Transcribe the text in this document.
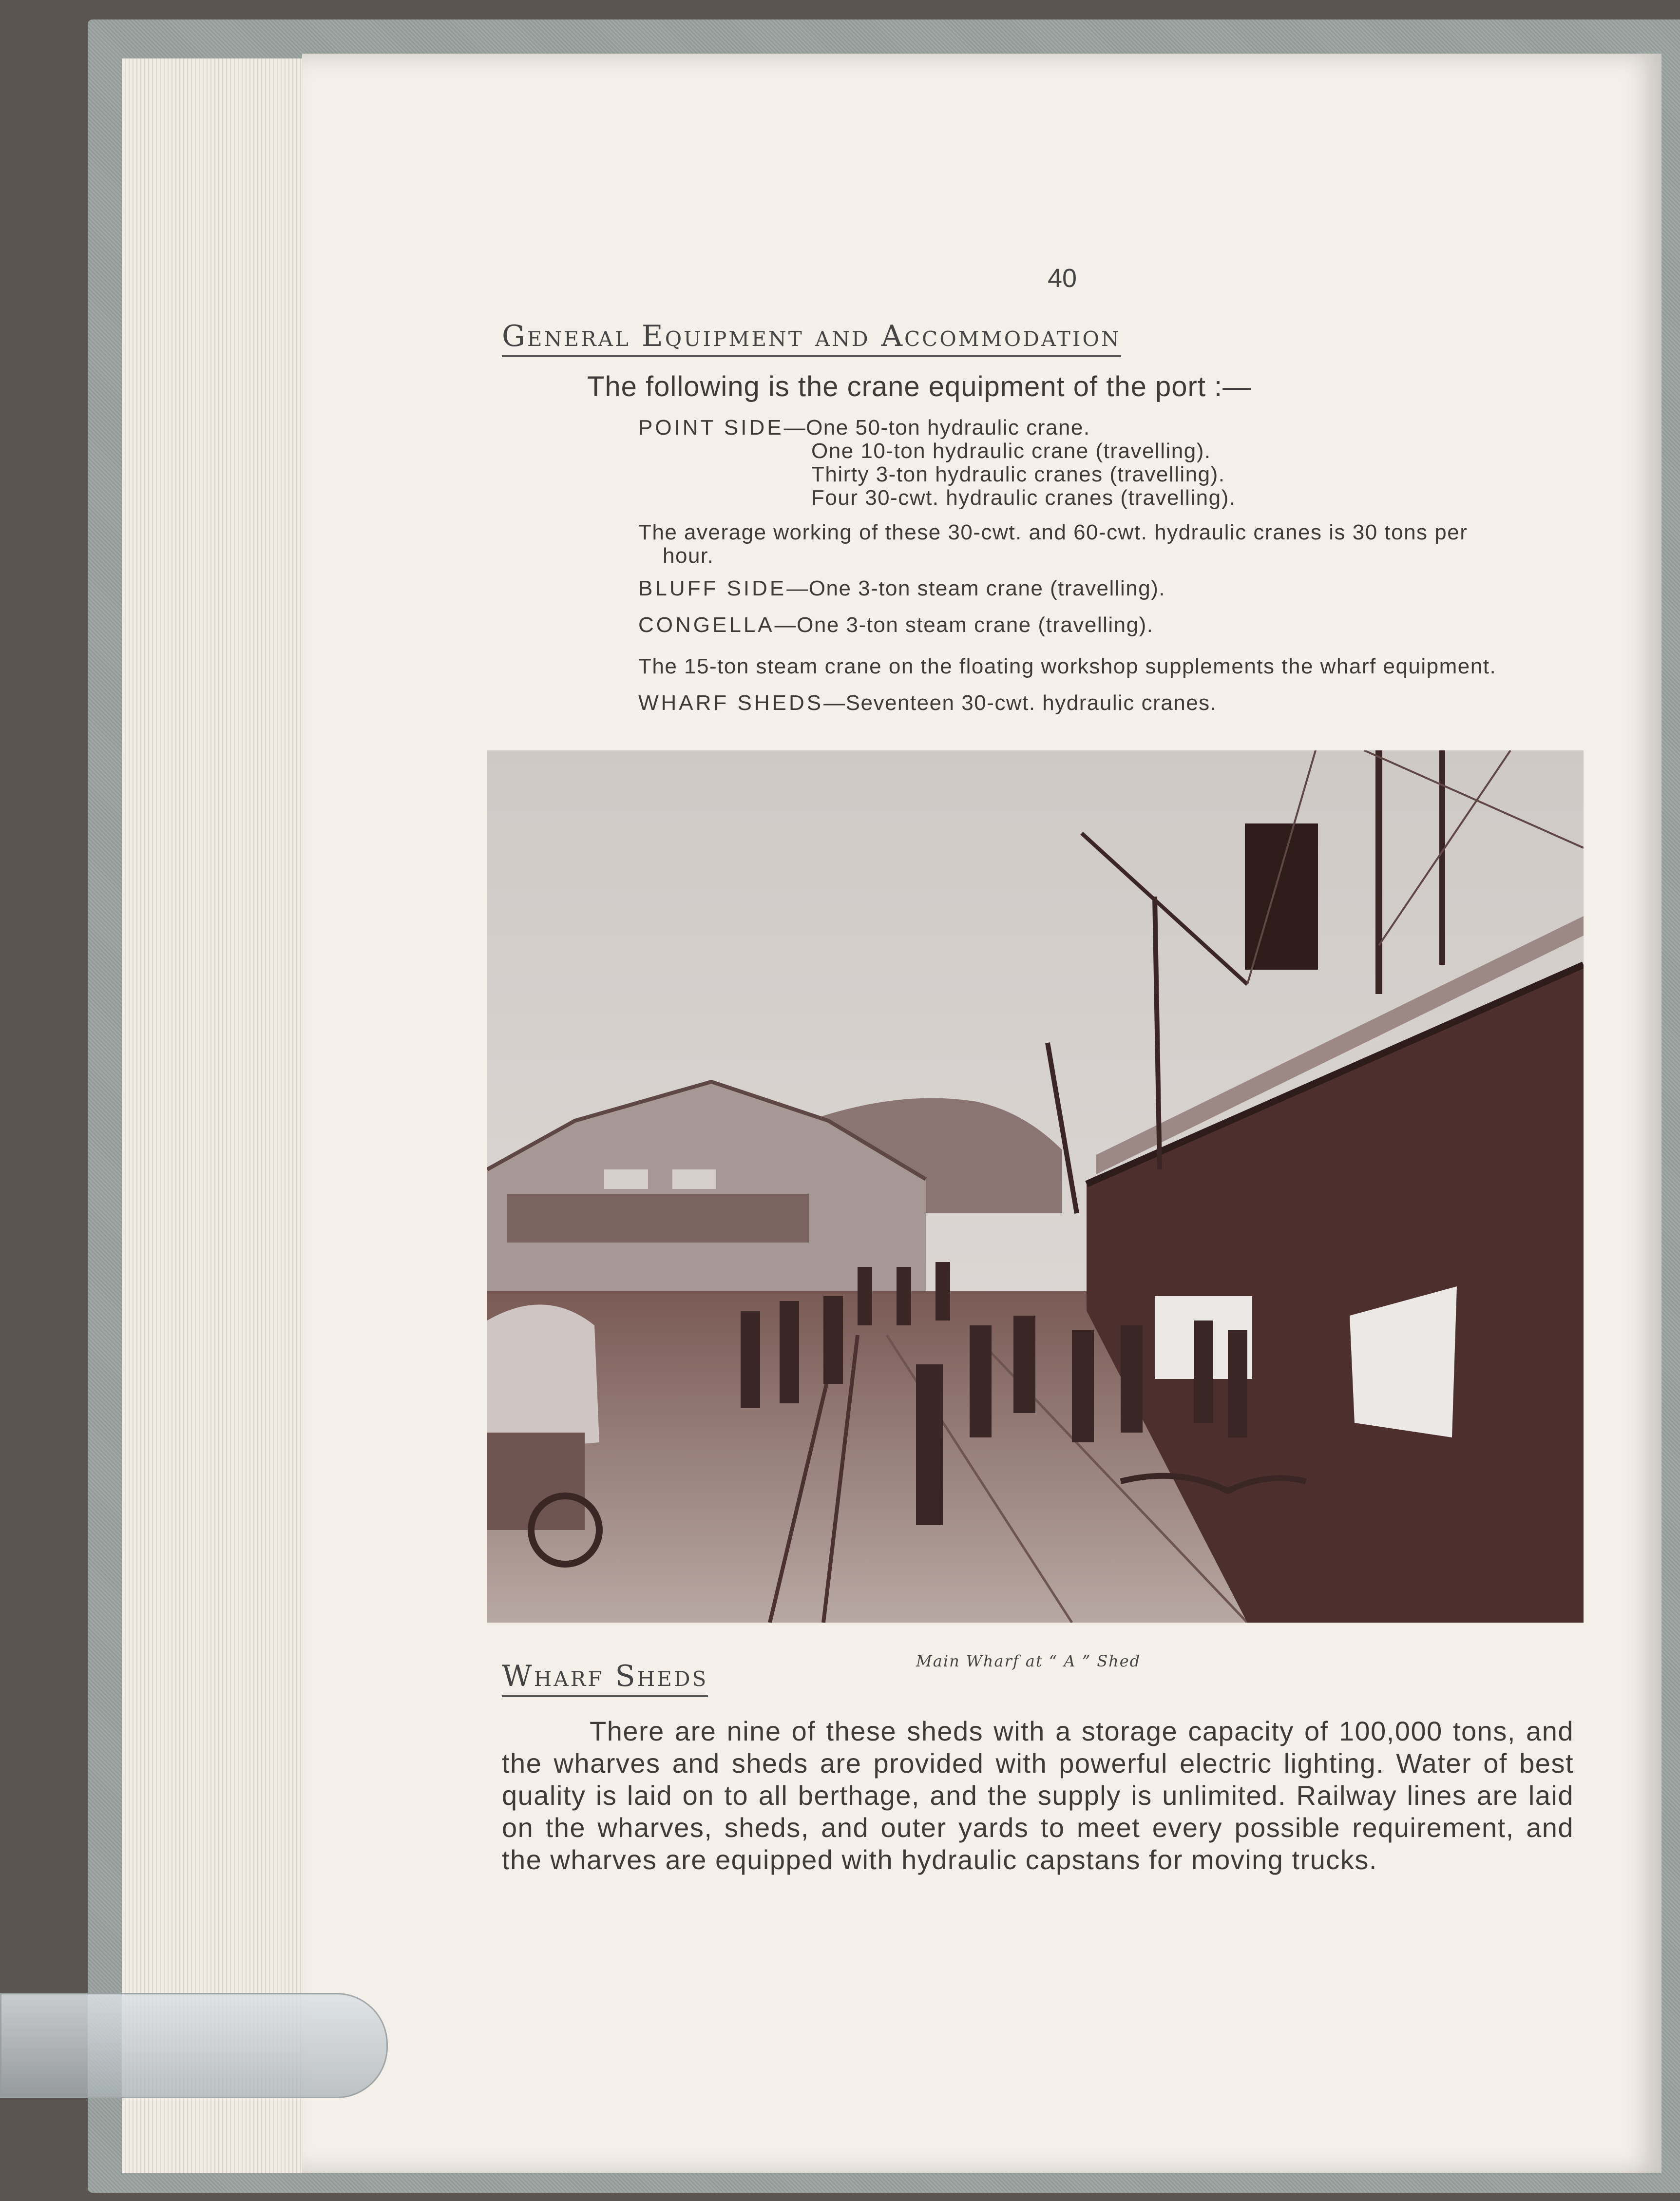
40
General Equipment and Accommodation
The following is the crane equipment of the port :—
POINT SIDE—One 50-ton hydraulic crane.
One 10-ton hydraulic crane (travelling).
Thirty 3-ton hydraulic cranes (travelling).
Four 30-cwt. hydraulic cranes (travelling).
The average working of these 30-cwt. and 60-cwt. hydraulic cranes is 30 tons per
hour.
BLUFF SIDE—One 3-ton steam crane (travelling).
CONGELLA—One 3-ton steam crane (travelling).
The 15-ton steam crane on the floating workshop supplements the wharf equipment.
WHARF SHEDS—Seventeen 30-cwt. hydraulic cranes.
Main Wharf at “ A ” Shed
Wharf Sheds
There are nine of these sheds with a storage capacity of 100,000 tons, and the wharves and sheds are provided with powerful electric lighting. Water of best quality is laid on to all berthage, and the supply is unlimited. Railway lines are laid on the wharves, sheds, and outer yards to meet every possible requirement, and the wharves are equipped with hydraulic capstans for moving trucks.
